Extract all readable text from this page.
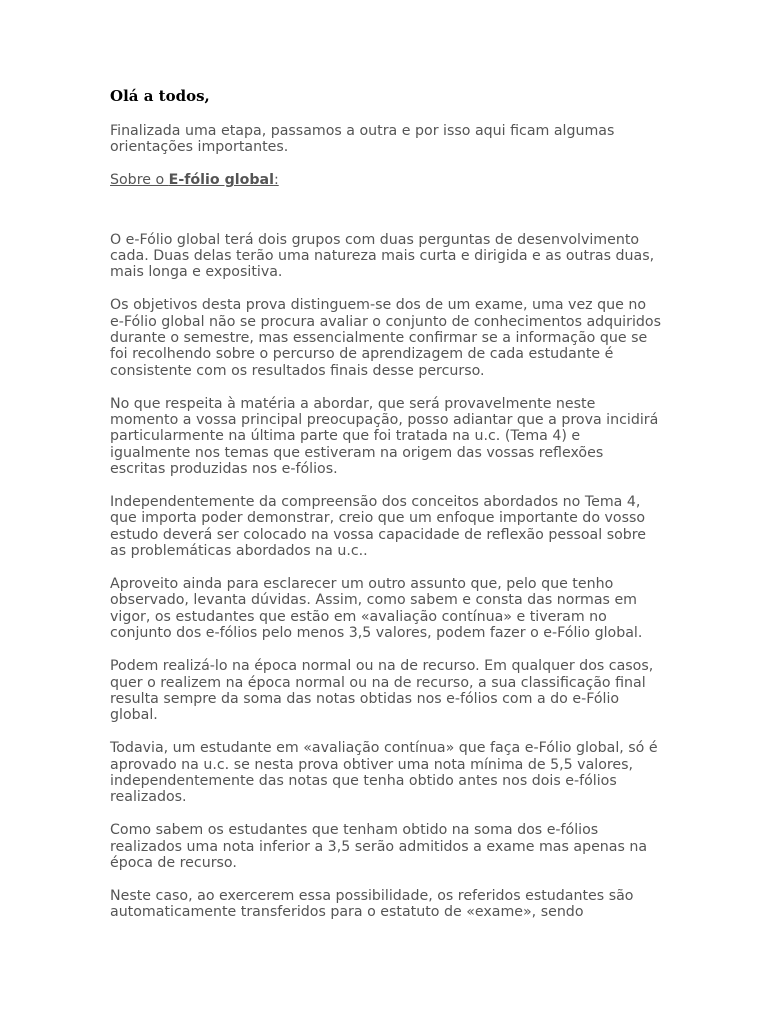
Olá a todos,

Finalizada uma etapa, passamos a outra e por isso aqui ficam algumas orientações importantes.

Sobre o E-fólio global:

O e-Fólio global terá dois grupos com duas perguntas de desenvolvimento cada. Duas delas terão uma natureza mais curta e dirigida e as outras duas, mais longa e expositiva.

Os objetivos desta prova distinguem-se dos de um exame, uma vez que no e-Fólio global não se procura avaliar o conjunto de conhecimentos adquiridos durante o semestre, mas essencialmente confirmar se a informação que se foi recolhendo sobre o percurso de aprendizagem de cada estudante é consistente com os resultados finais desse percurso.

No que respeita à matéria a abordar, que será provavelmente neste momento a vossa principal preocupação, posso adiantar que a prova incidirá particularmente na última parte que foi tratada na u.c. (Tema 4) e igualmente nos temas que estiveram na origem das vossas reflexões escritas produzidas nos e-fólios.

Independentemente da compreensão dos conceitos abordados no Tema 4, que importa poder demonstrar, creio que um enfoque importante do vosso estudo deverá ser colocado na vossa capacidade de reflexão pessoal sobre as problemáticas abordados na u.c..

Aproveito ainda para esclarecer um outro assunto que, pelo que tenho observado, levanta dúvidas. Assim, como sabem e consta das normas em vigor, os estudantes que estão em «avaliação contínua» e tiveram no conjunto dos e-fólios pelo menos 3,5 valores, podem fazer o e-Fólio global.

Podem realizá-lo na época normal ou na de recurso. Em qualquer dos casos, quer o realizem na época normal ou na de recurso, a sua classificação final resulta sempre da soma das notas obtidas nos e-fólios com a do e-Fólio global.

Todavia, um estudante em «avaliação contínua» que faça e-Fólio global, só é aprovado na u.c. se nesta prova obtiver uma nota mínima de 5,5 valores, independentemente das notas que tenha obtido antes nos dois e-fólios realizados.

Como sabem os estudantes que tenham obtido na soma dos e-fólios realizados uma nota inferior a 3,5 serão admitidos a exame mas apenas na época de recurso.

Neste caso, ao exercerem essa possibilidade, os referidos estudantes são automaticamente transferidos para o estatuto de «exame», sendo
